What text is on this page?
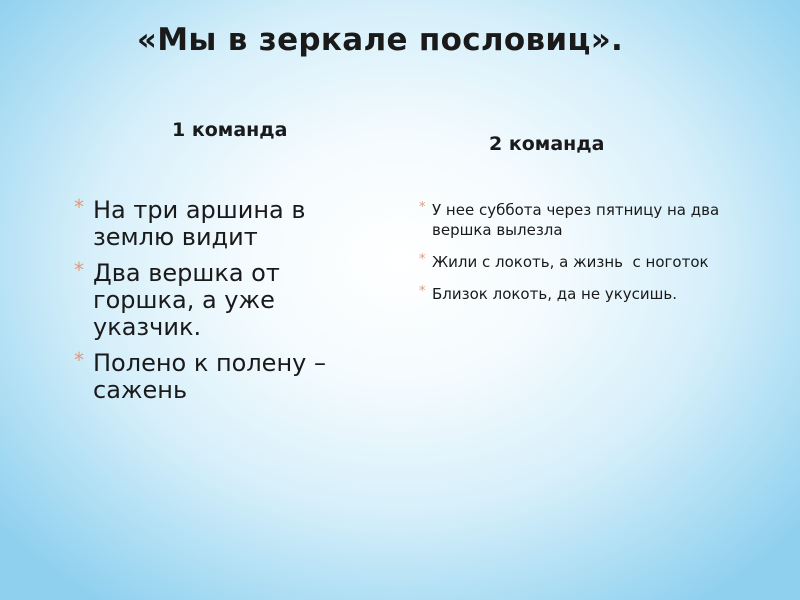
«Мы в зеркале пословиц».
1 команда
2 команда
* На три аршина в землю видит
* Два вершка от горшка, а уже указчик.
* Полено к полену – сажень
* У нее суббота через пятницу на два вершка вылезла
* Жили с локоть, а жизнь  с ноготок
* Близок локоть, да не укусишь.
